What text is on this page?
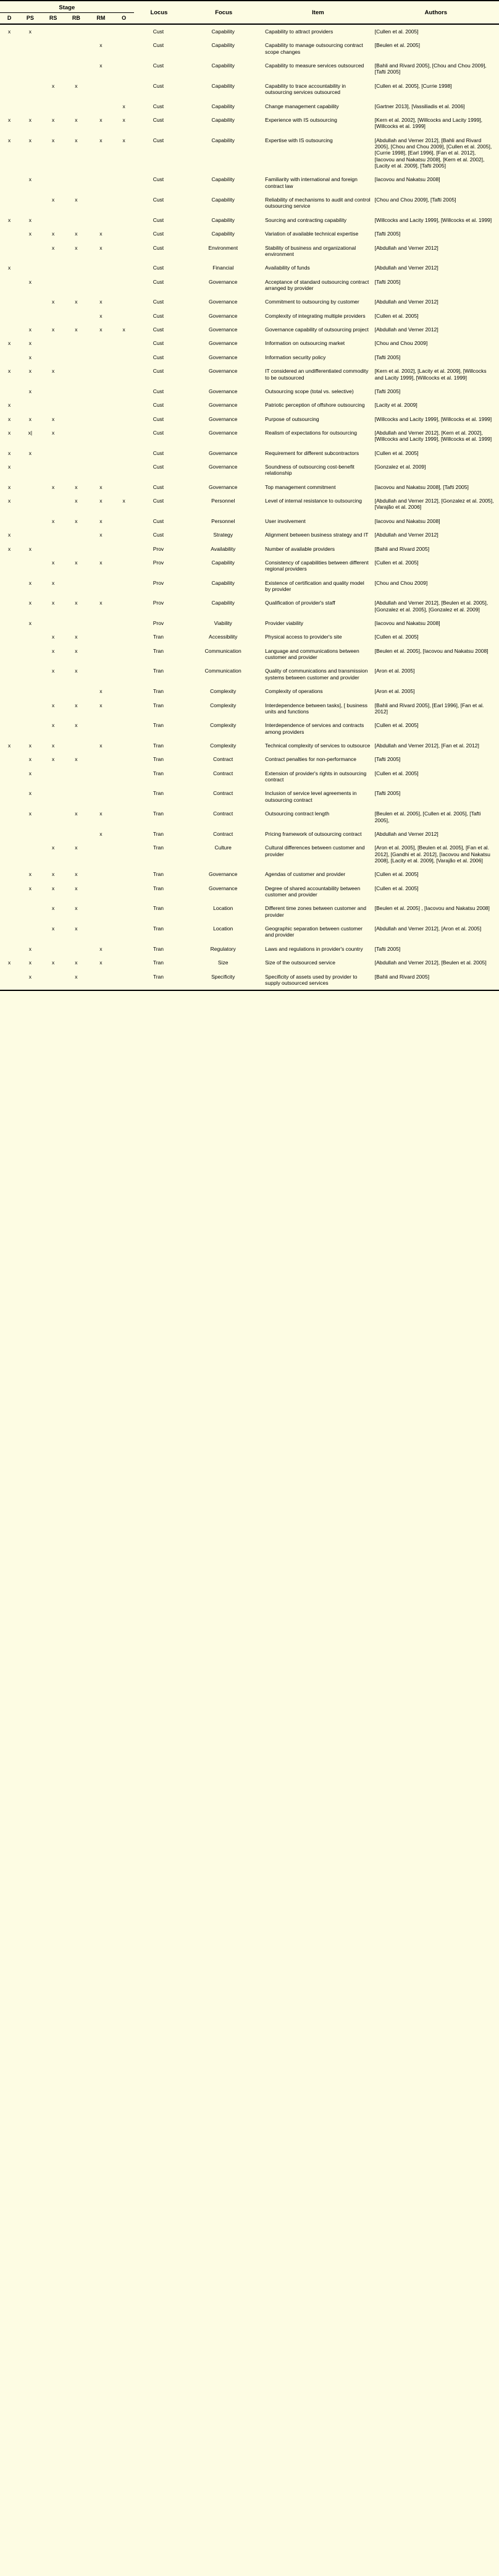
Stage						Locus	Focus	Item	Authors
D	PS	RS	RB	RM	O				

x	x					Cust	Capability	Capability to attract providers	[Cullen et al. 2005]
				x		Cust	Capability	Capability to manage outsourcing contract scope changes	[Beulen et al. 2005]
				x		Cust	Capability	Capability to measure services outsourced	[Bahli and Rivard 2005], [Chou and Chou 2009], [Tafti 2005]
		x	x			Cust	Capability	Capability to trace accountability in outsourcing services outsourced	[Cullen et al. 2005], [Currie 1998]
					x	Cust	Capability	Change management capability	[Gartner 2013], [Vassiliadis et al. 2006]
x	x	x	x	x	x	Cust	Capability	Experience with IS outsourcing	[Kern et al. 2002], [Willcocks and Lacity 1999], [Willcocks et al. 1999]
x	x	x	x	x	x	Cust	Capability	Expertise with IS outsourcing	[Abdullah and Verner 2012], [Bahli and Rivard 2005], [Chou and Chou 2009], [Cullen et al. 2005], [Currie 1998], [Earl 1996], [Fan et al. 2012], [Iacovou and Nakatsu 2008], [Kern et al. 2002], [Lacity et al. 2009], [Tafti 2005]
	x					Cust	Capability	Familiarity with international and foreign contract law	[Iacovou and Nakatsu 2008]
		x	x			Cust	Capability	Reliability of mechanisms to audit and control outsourcing service	[Chou and Chou 2009], [Tafti 2005]
x	x					Cust	Capability	Sourcing and contracting capability	[Willcocks and Lacity 1999], [Willcocks et al. 1999]
	x	x	x	x		Cust	Capability	Variation of available technical expertise	[Tafti 2005]
		x	x	x		Cust	Environment	Stability of business and organizational environment	[Abdullah and Verner 2012]
x						Cust	Financial	Availability of funds	[Abdullah and Verner 2012]
	x					Cust	Governance	Acceptance of standard outsourcing contract arranged by provider	[Tafti 2005]
		x	x	x		Cust	Governance	Commitment to outsourcing by customer	[Abdullah and Verner 2012]
				x		Cust	Governance	Complexity of integrating multiple providers	[Cullen et al. 2005]
	x	x	x	x	x	Cust	Governance	Governance capability of outsourcing project	[Abdullah and Verner 2012]
x	x					Cust	Governance	Information on outsourcing market	[Chou and Chou 2009]
	x					Cust	Governance	Information security policy	[Tafti 2005]
x	x	x				Cust	Governance	IT considered an undifferentiated commodity to be outsourced	[Kern et al. 2002], [Lacity et al. 2009], [Willcocks and Lacity 1999], [Willcocks et al. 1999]
	x					Cust	Governance	Outsourcing scope (total vs. selective)	[Tafti 2005]
x						Cust	Governance	Patriotic perception of offshore outsourcing	[Lacity et al. 2009]
x	x	x				Cust	Governance	Purpose of outsourcing	[Willcocks and Lacity 1999], [Willcocks et al. 1999]
x	x|	x				Cust	Governance	Realism of expectations for outsourcing	[Abdullah and Verner 2012], [Kern et al. 2002], [Willcocks and Lacity 1999], [Willcocks et al. 1999]
x	x					Cust	Governance	Requirement for different subcontractors	[Cullen et al. 2005]
x						Cust	Governance	Soundness of outsourcing cost-benefit relationship	[Gonzalez et al. 2009]
x		x	x	x		Cust	Governance	Top management commitment	[Iacovou and Nakatsu 2008], [Tafti 2005]
x			x	x	x	Cust	Personnel	Level of internal resistance to outsourcing	[Abdullah and Verner 2012], [Gonzalez et al. 2005], [Varajão et al. 2006]
		x	x	x		Cust	Personnel	User involvement	[Iacovou and Nakatsu 2008]
x				x		Cust	Strategy	Alignment between business strategy and IT	[Abdullah and Verner 2012]
x	x					Prov	Availability	Number of available providers	[Bahli and Rivard 2005]
		x	x	x		Prov	Capability	Consistency of capabilities between different regional providers	[Cullen et al. 2005]
	x	x				Prov	Capability	Existence of certification and quality model by provider	[Chou and Chou 2009]
	x	x	x	x		Prov	Capability	Qualification of provider's staff	[Abdullah and Verner 2012], [Beulen et al. 2005], [Gonzalez et al. 2005], [Gonzalez et al. 2009]
	x					Prov	Viability	Provider viability	[Iacovou and Nakatsu 2008]
		x	x			Tran	Accessibility	Physical access to provider's site	[Cullen et al. 2005]
		x	x			Tran	Communication	Language and communications between customer and provider	[Beulen et al. 2005], [Iacovou and Nakatsu 2008]
		x	x			Tran	Communication	Quality of communications and transmission systems between customer and provider	[Aron et al. 2005]
				x		Tran	Complexity	Complexity of operations	[Aron et al. 2005]
		x	x	x		Tran	Complexity	Interdependence between tasks], [ business units and functions	[Bahli and Rivard 2005], [Earl 1996], [Fan et al. 2012]
		x	x			Tran	Complexity	Interdependence of services and contracts among providers	[Cullen et al. 2005]
x	x	x		x		Tran	Complexity	Technical complexity of services to outsource	[Abdullah and Verner 2012], [Fan et al. 2012]
	x	x	x			Tran	Contract	Contract penalties for non-performance	[Tafti 2005]
	x					Tran	Contract	Extension of provider's rights in outsourcing contract	[Cullen et al. 2005]
	x					Tran	Contract	Inclusion of service level agreements in outsourcing contract	[Tafti 2005]
	x		x	x		Tran	Contract	Outsourcing contract length	[Beulen et al. 2005], [Cullen et al. 2005], [Tafti 2005],
				x		Tran	Contract	Pricing framework of outsourcing contract	[Abdullah and Verner 2012]
		x	x			Tran	Culture	Cultural differences between customer and provider	[Aron et al. 2005], [Beulen et al. 2005], [Fan et al. 2012], [Gandhi et al. 2012], [Iacovou and Nakatsu 2008], [Lacity et al. 2009], [Varajão et al. 2006]
	x	x	x			Tran	Governance	Agendas of customer and provider	[Cullen et al. 2005]
	x	x	x			Tran	Governance	Degree of shared accountability between customer and provider	[Cullen et al. 2005]
		x	x			Tran	Location	Different time zones between customer and provider	[Beulen et al. 2005] , [Iacovou and Nakatsu 2008]
		x	x			Tran	Location	Geographic separation between customer and provider	[Abdullah and Verner 2012], [Aron et al. 2005]
	x			x		Tran	Regulatory	Laws and regulations in provider's country	[Tafti 2005]
x	x	x	x	x		Tran	Size	Size of the outsourced service	[Abdullah and Verner 2012], [Beulen et al. 2005]
	x		x			Tran	Specificity	Specificity of assets used by provider to supply outsourced services	[Bahli and Rivard 2005]
